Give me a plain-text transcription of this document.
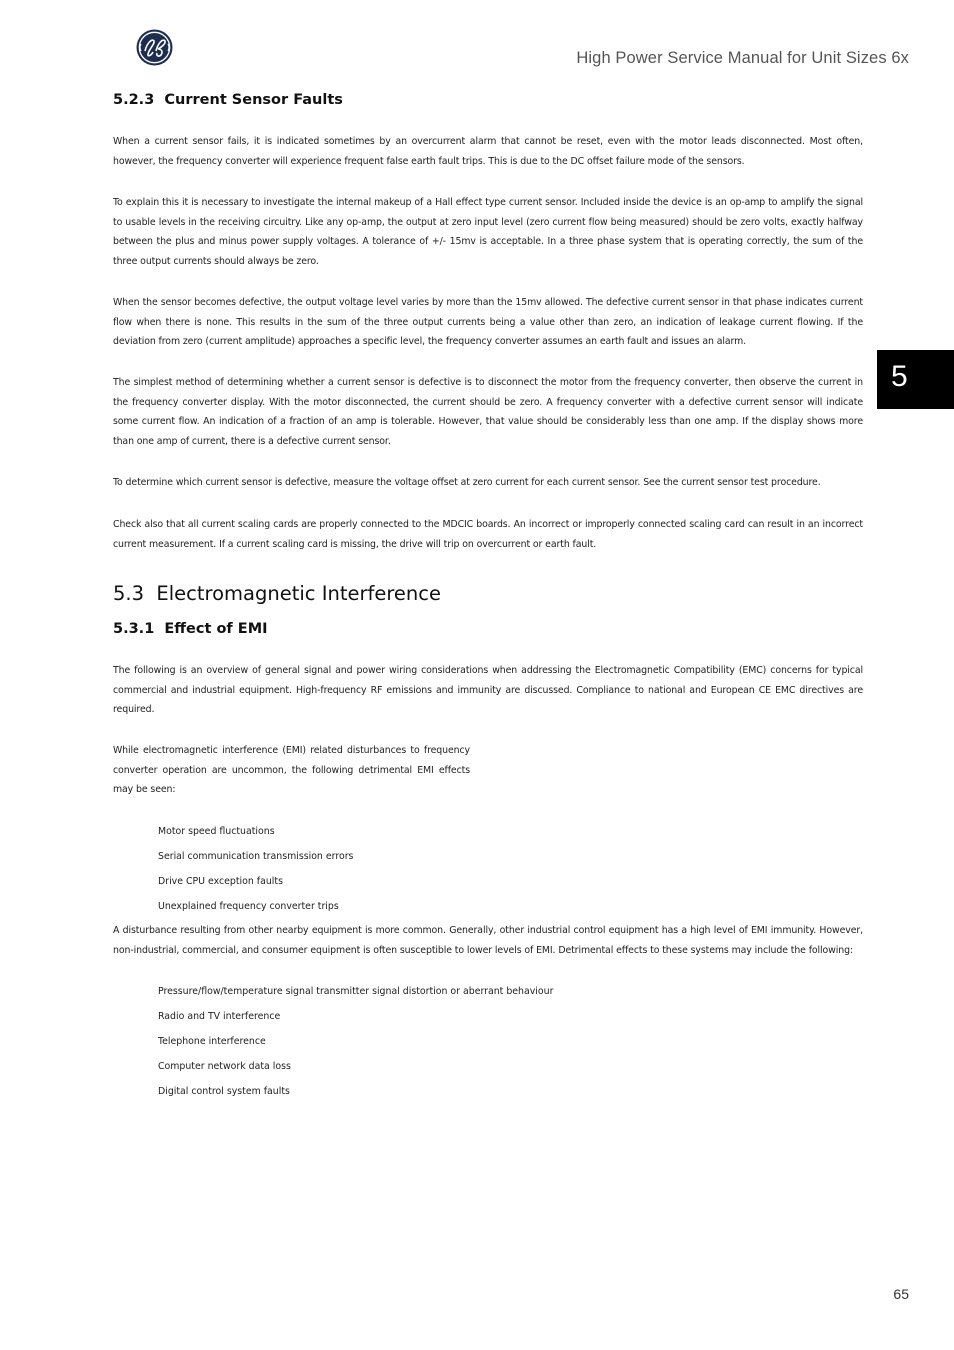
High Power Service Manual for Unit Sizes 6x
5
5.2.3 Current Sensor Faults

When a current sensor fails, it is indicated sometimes by an overcurrent alarm that cannot be reset, even with the motor leads disconnected. Most often, however, the frequency converter will experience frequent false earth fault trips. This is due to the DC offset failure mode of the sensors.

To explain this it is necessary to investigate the internal makeup of a Hall effect type current sensor. Included inside the device is an op-amp to amplify the signal to usable levels in the receiving circuitry. Like any op-amp, the output at zero input level (zero current flow being measured) should be zero volts, exactly halfway between the plus and minus power supply voltages. A tolerance of +/- 15mv is acceptable. In a three phase system that is operating correctly, the sum of the three output currents should always be zero.

When the sensor becomes defective, the output voltage level varies by more than the 15mv allowed. The defective current sensor in that phase indicates current flow when there is none. This results in the sum of the three output currents being a value other than zero, an indication of leakage current flowing. If the deviation from zero (current amplitude) approaches a specific level, the frequency converter assumes an earth fault and issues an alarm.

The simplest method of determining whether a current sensor is defective is to disconnect the motor from the frequency converter, then observe the current in the frequency converter display. With the motor disconnected, the current should be zero. A frequency converter with a defective current sensor will indicate some current flow. An indication of a fraction of an amp is tolerable. However, that value should be considerably less than one amp. If the display shows more than one amp of current, there is a defective current sensor.

To determine which current sensor is defective, measure the voltage offset at zero current for each current sensor. See the current sensor test procedure.

Check also that all current scaling cards are properly connected to the MDCIC boards. An incorrect or improperly connected scaling card can result in an incorrect current measurement. If a current scaling card is missing, the drive will trip on overcurrent or earth fault.

5.3 Electromagnetic Interference
5.3.1 Effect of EMI

The following is an overview of general signal and power wiring considerations when addressing the Electromagnetic Compatibility (EMC) concerns for typical commercial and industrial equipment. High-frequency RF emissions and immunity are discussed. Compliance to national and European CE EMC directives are required.

While electromagnetic interference (EMI) related disturbances to frequency converter operation are uncommon, the following detrimental EMI effects may be seen:

Motor speed fluctuations
Serial communication transmission errors
Drive CPU exception faults
Unexplained frequency converter trips

A disturbance resulting from other nearby equipment is more common. Generally, other industrial control equipment has a high level of EMI immunity. However, non-industrial, commercial, and consumer equipment is often susceptible to lower levels of EMI. Detrimental effects to these systems may include the following:

Pressure/flow/temperature signal transmitter signal distortion or aberrant behaviour
Radio and TV interference
Telephone interference
Computer network data loss
Digital control system faults
65
